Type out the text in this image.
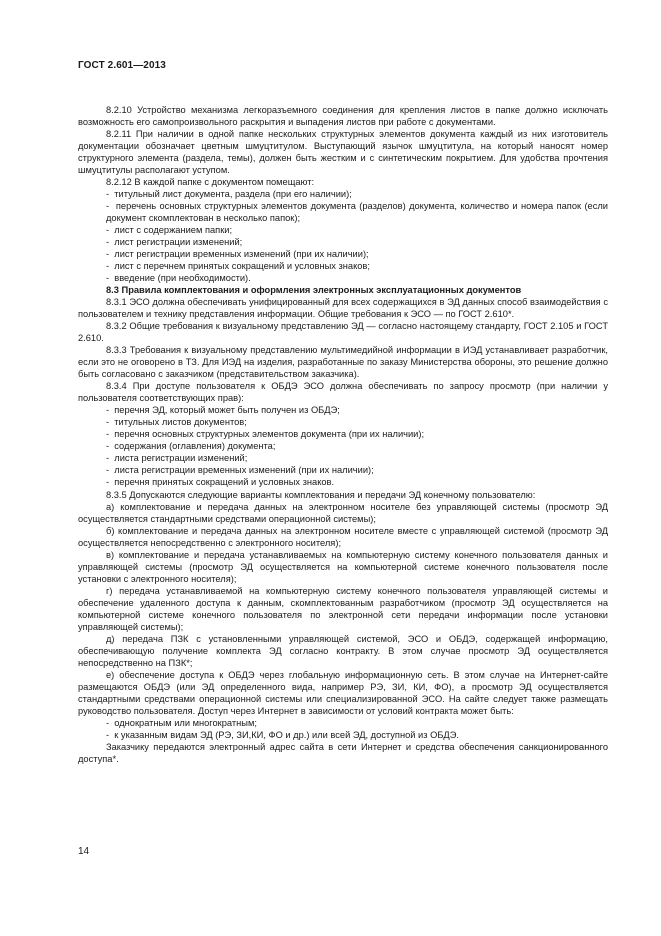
ГОСТ 2.601—2013

8.2.10 Устройство механизма легкоразъемного соединения для крепления листов в папке должно исключать возможность его самопроизвольного раскрытия и выпадения листов при работе с документами.

8.2.11 При наличии в одной папке нескольких структурных элементов документа каждый из них изготовитель документации обозначает цветным шмуцтитулом. Выступающий язычок шмуцтитула, на который наносят номер структурного элемента (раздела, темы), должен быть жестким и с синтетическим покрытием. Для удобства прочтения шмуцтитулы располагают уступом.

8.2.12 В каждой папке с документом помещают:

-  титульный лист документа, раздела (при его наличии);

-  перечень основных структурных элементов документа (разделов) документа, количество и номера папок (если документ скомплектован в несколько папок);

-  лист с содержанием папки;

-  лист регистрации изменений;

-  лист регистрации временных изменений (при их наличии);

-  лист с перечнем принятых сокращений и условных знаков;

-  введение (при необходимости).

8.3 Правила комплектования и оформления электронных эксплуатационных документов

8.3.1 ЭСО должна обеспечивать унифицированный для всех содержащихся в ЭД данных способ взаимодействия с пользователем и технику представления информации. Общие требования к ЭСО — по ГОСТ 2.610*.

8.3.2 Общие требования к визуальному представлению ЭД — согласно настоящему стандарту, ГОСТ 2.105 и ГОСТ 2.610.

8.3.3 Требования к визуальному представлению мультимедийной информации в ИЭД устанавливает разработчик, если это не оговорено в ТЗ. Для ИЭД на изделия, разработанные по заказу Министерства обороны, это решение должно быть согласовано с заказчиком (представительством заказчика).

8.3.4 При доступе пользователя к ОБДЭ ЭСО должна обеспечивать по запросу просмотр (при наличии у пользователя соответствующих прав):

-  перечня ЭД, который может быть получен из ОБДЭ;

-  титульных листов документов;

-  перечня основных структурных элементов документа (при их наличии);

-  содержания (оглавления) документа;

-  листа регистрации изменений;

-  листа регистрации временных изменений (при их наличии);

-  перечня принятых сокращений и условных знаков.

8.3.5 Допускаются следующие варианты комплектования и передачи ЭД конечному пользователю:

а) комплектование и передача данных на электронном носителе без управляющей системы (просмотр ЭД осуществляется стандартными средствами операционной системы);

б) комплектование и передача данных на электронном носителе вместе с управляющей системой (просмотр ЭД осуществляется непосредственно с электронного носителя);

в) комплектование и передача устанавливаемых на компьютерную систему конечного пользователя данных и управляющей системы (просмотр ЭД осуществляется на компьютерной системе конечного пользователя после установки с электронного носителя);

г) передача устанавливаемой на компьютерную систему конечного пользователя управляющей системы и обеспечение удаленного доступа к данным, скомплектованным разработчиком (просмотр ЭД осуществляется на компьютерной системе конечного пользователя по электронной сети передачи информации после установки управляющей системы);

д) передача ПЗК с установленными управляющей системой, ЭСО и ОБДЭ, содержащей информацию, обеспечивающую получение комплекта ЭД согласно контракту. В этом случае просмотр ЭД осуществляется непосредственно на ПЗК*;

е) обеспечение доступа к ОБДЭ через глобальную информационную сеть. В этом случае на Интернет-сайте размещаются ОБДЭ (или ЭД определенного вида, например РЭ, ЗИ, КИ, ФО), а просмотр ЭД осуществляется стандартными средствами операционной системы или специализированной ЭСО. На сайте следует также размещать руководство пользователя. Доступ через Интернет в зависимости от условий контракта может быть:

-  однократным или многократным;

-  к указанным видам ЭД (РЭ, ЗИ,КИ, ФО и др.) или всей ЭД, доступной из ОБДЭ.

Заказчику передаются электронный адрес сайта в сети Интернет и средства обеспечения санкционированного доступа*.

14
